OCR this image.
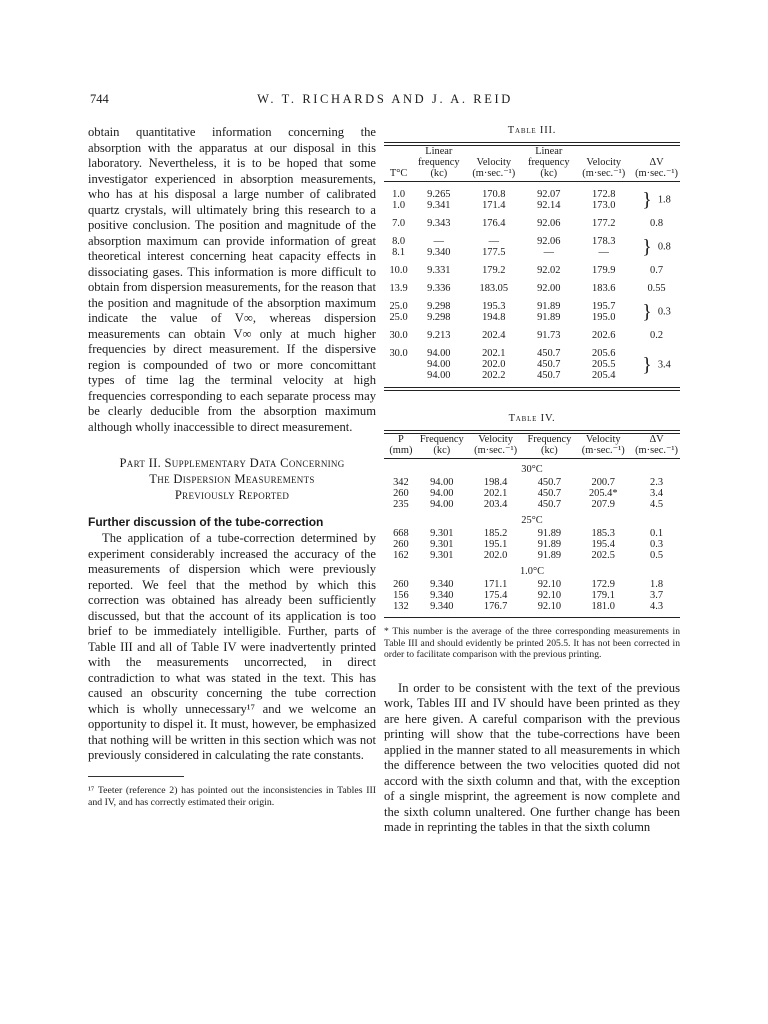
744	W. T. RICHARDS AND J. A. REID

obtain quantitative information concerning the absorption with the apparatus at our disposal in this laboratory. Nevertheless, it is to be hoped that some investigator experienced in absorption measurements, who has at his disposal a large number of calibrated quartz crystals, will ultimately bring this research to a positive conclusion. The position and magnitude of the absorption maximum can provide information of great theoretical interest concerning heat capacity effects in dissociating gases. This information is more difficult to obtain from dispersion measurements, for the reason that the position and magnitude of the absorption maximum indicate the value of V∞, whereas dispersion measurements can obtain V∞ only at much higher frequencies by direct measurement. If the dispersive region is compounded of two or more concomittant types of time lag the terminal velocity at high frequencies corresponding to each separate process may be clearly deducible from the absorption maximum although wholly inaccessible to direct measurement.

Part II. Supplementary Data Concerning
The Dispersion Measurements
Previously Reported
Further discussion of the tube-correction

The application of a tube-correction determined by experiment considerably increased the accuracy of the measurements of dispersion which were previously reported. We feel that the method by which this correction was obtained has already been sufficiently discussed, but that the account of its application is too brief to be immediately intelligible. Further, parts of Table III and all of Table IV were inadvertently printed with the measurements uncorrected, in direct contradiction to what was stated in the text. This has caused an obscurity concerning the tube correction which is wholly unnecessary¹⁷ and we welcome an opportunity to dispel it. It must, however, be emphasized that nothing will be written in this section which was not previously considered in calculating the rate constants.

¹⁷ Teeter (reference 2) has pointed out the inconsistencies in Tables III and IV, and has correctly estimated their origin.
Table III.
T°C	Linear frequency (kc)	Velocity (m·sec.⁻¹)	Linear frequency (kc)	Velocity (m·sec.⁻¹)	ΔV (m·sec.⁻¹)

1.0	9.265	170.8	92.07	172.8	} 1.8
1.0	9.341	171.4	92.14	173.0	
7.0	9.343	176.4	92.06	177.2	0.8
8.0	—	—	92.06	178.3	} 0.8
8.1	9.340	177.5	—	—	
10.0	9.331	179.2	92.02	179.9	0.7
13.9	9.336	183.05	92.00	183.6	0.55
25.0	9.298	195.3	91.89	195.7	} 0.3
25.0	9.298	194.8	91.89	195.0	
30.0	9.213	202.4	91.73	202.6	0.2
30.0	94.00	202.1	450.7	205.6	} 3.4
	94.00	202.0	450.7	205.5	
	94.00	202.2	450.7	205.4	
Table IV.
P (mm)	Frequency (kc)	Velocity (m·sec.⁻¹)	Frequency (kc)	Velocity (m·sec.⁻¹)	ΔV (m·sec.⁻¹)

30°C					
342	94.00	198.4	450.7	200.7	2.3
260	94.00	202.1	450.7	205.4*	3.4
235	94.00	203.4	450.7	207.9	4.5
25°C					
668	9.301	185.2	91.89	185.3	0.1
260	9.301	195.1	91.89	195.4	0.3
162	9.301	202.0	91.89	202.5	0.5
1.0°C					
260	9.340	171.1	92.10	172.9	1.8
156	9.340	175.4	92.10	179.1	3.7
132	9.340	176.7	92.10	181.0	4.3
* This number is the average of the three corresponding measurements in Table III and should evidently be printed 205.5. It has not been corrected in order to facilitate comparison with the previous printing.

In order to be consistent with the text of the previous work, Tables III and IV should have been printed as they are here given. A careful comparison with the previous printing will show that the tube-corrections have been applied in the manner stated to all measurements in which the difference between the two velocities quoted did not accord with the sixth column and that, with the exception of a single misprint, the agreement is now complete and the sixth column unaltered. One further change has been made in reprinting the tables in that the sixth column
